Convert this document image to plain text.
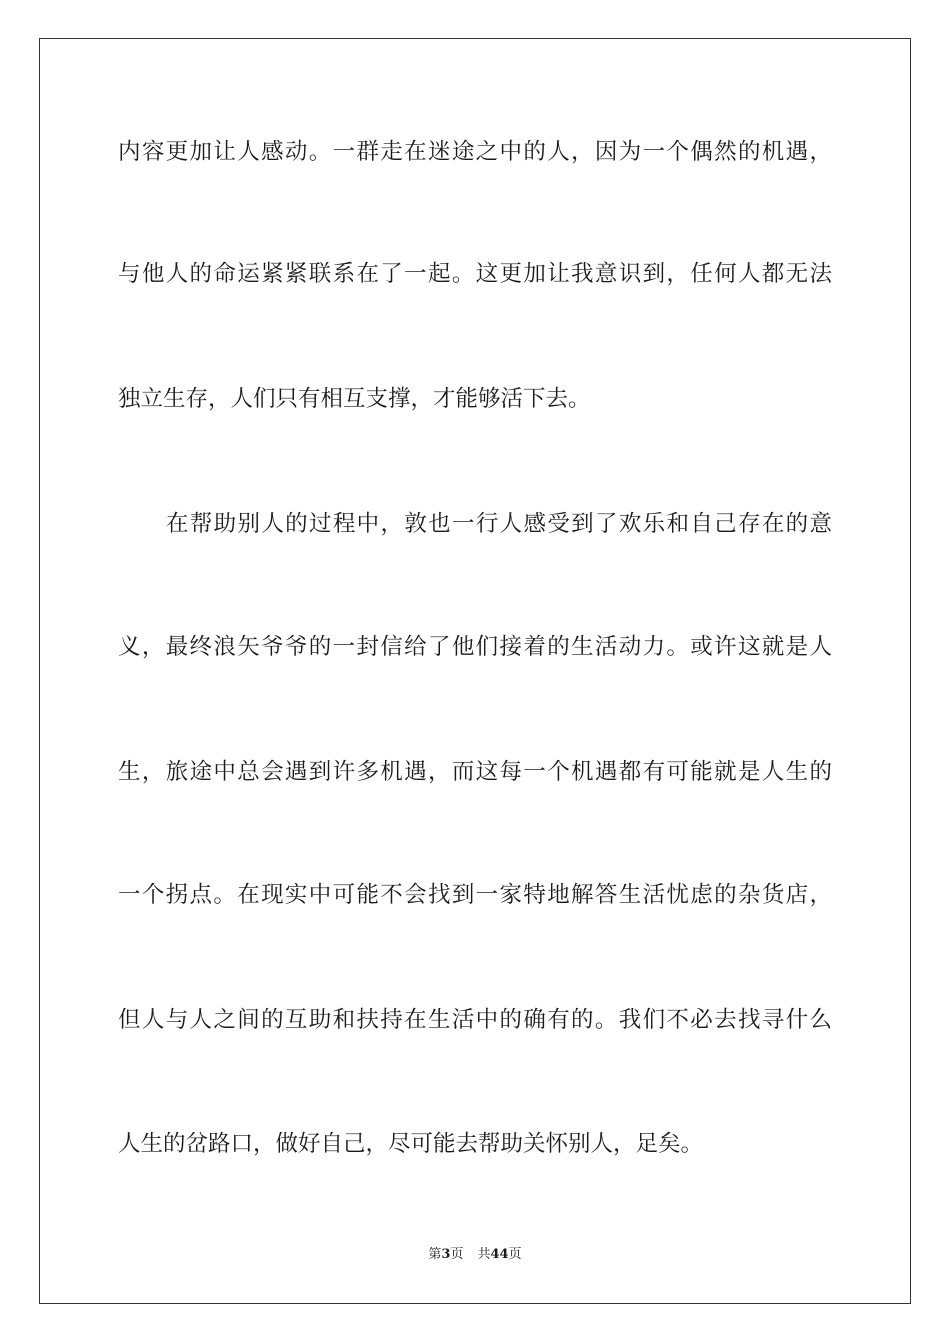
内容更加让人感动。一群走在迷途之中的人，因为一个偶然的机遇，
与他人的命运紧紧联系在了一起。这更加让我意识到，任何人都无法
独立生存，人们只有相互支撑，才能够活下去。
在帮助别人的过程中，敦也一行人感受到了欢乐和自己存在的意
义，最终浪矢爷爷的一封信给了他们接着的生活动力。或许这就是人
生，旅途中总会遇到许多机遇，而这每一个机遇都有可能就是人生的
一个拐点。在现实中可能不会找到一家特地解答生活忧虑的杂货店，
但人与人之间的互助和扶持在生活中的确有的。我们不必去找寻什么
人生的岔路口，做好自己，尽可能去帮助关怀别人，足矣。
第3页 共44页
